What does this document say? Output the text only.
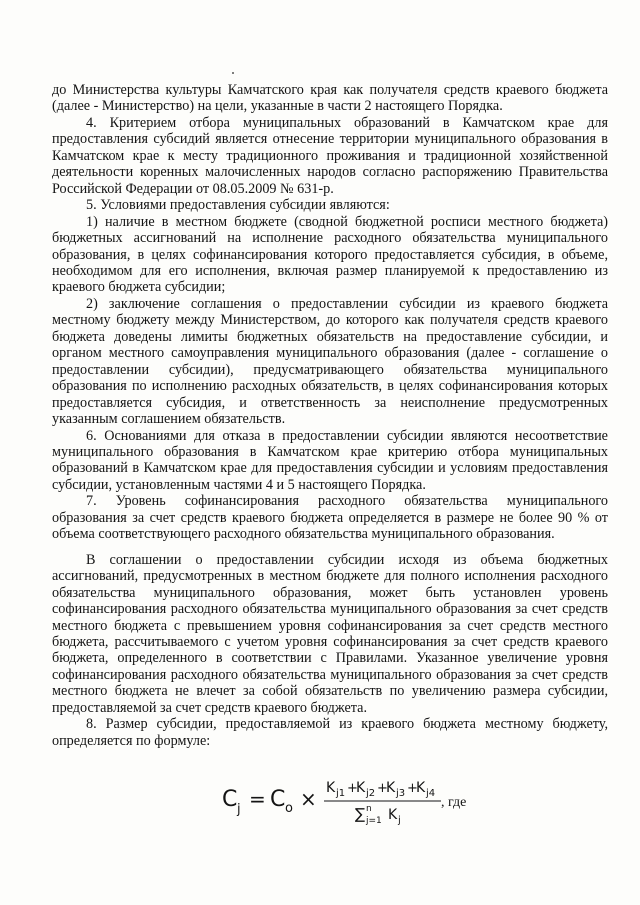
до Министерства культуры Камчатского края как получателя средств краевого бюджета (далее - Министерство) на цели, указанные в части 2 настоящего Порядка.

4. Критерием отбора муниципальных образований в Камчатском крае для предоставления субсидий является отнесение территории муниципального образования в Камчатском крае к месту традиционного проживания и традиционной хозяйственной деятельности коренных малочисленных народов согласно распоряжению Правительства Российской Федерации от 08.05.2009 № 631-р.

5. Условиями предоставления субсидии являются:

1) наличие в местном бюджете (сводной бюджетной росписи местного бюджета) бюджетных ассигнований на исполнение расходного обязательства муниципального образования, в целях софинансирования которого предоставляется субсидия, в объеме, необходимом для его исполнения, включая размер планируемой к предоставлению из краевого бюджета субсидии;

2) заключение соглашения о предоставлении субсидии из краевого бюджета местному бюджету между Министерством, до которого как получателя средств краевого бюджета доведены лимиты бюджетных обязательств на предоставление субсидии, и органом местного самоуправления муниципального образования (далее - соглашение о предоставлении субсидии), предусматривающего обязательства муниципального образования по исполнению расходных обязательств, в целях софинансирования которых предоставляется субсидия, и ответственность за неисполнение предусмотренных указанным соглашением обязательств.

6. Основаниями для отказа в предоставлении субсидии являются несоответствие муниципального образования в Камчатском крае критерию отбора муниципальных образований в Камчатском крае для предоставления субсидии и условиям предоставления субсидии, установленным частями 4 и 5 настоящего Порядка.

7. Уровень софинансирования расходного обязательства муниципального образования за счет средств краевого бюджета определяется в размере не более 90 % от объема соответствующего расходного обязательства муниципального образования.

В соглашении о предоставлении субсидии исходя из объема бюджетных ассигнований, предусмотренных в местном бюджете для полного исполнения расходного обязательства муниципального образования, может быть установлен уровень софинансирования расходного обязательства муниципального образования за счет средств местного бюджета с превышением уровня софинансирования за счет средств местного бюджета, рассчитываемого с учетом уровня софинансирования за счет средств краевого бюджета, определенного в соответствии с Правилами. Указанное увеличение уровня софинансирования расходного обязательства муниципального образования за счет средств местного бюджета не влечет за собой обязательств по увеличению размера субсидии, предоставляемой за счет средств краевого бюджета.

8. Размер субсидии, предоставляемой из краевого бюджета местному бюджету, определяется по формуле:

C j = C o × K j1 +
K j2 +
K j3 +
K j4
∑ n
j=1 K j
, где
